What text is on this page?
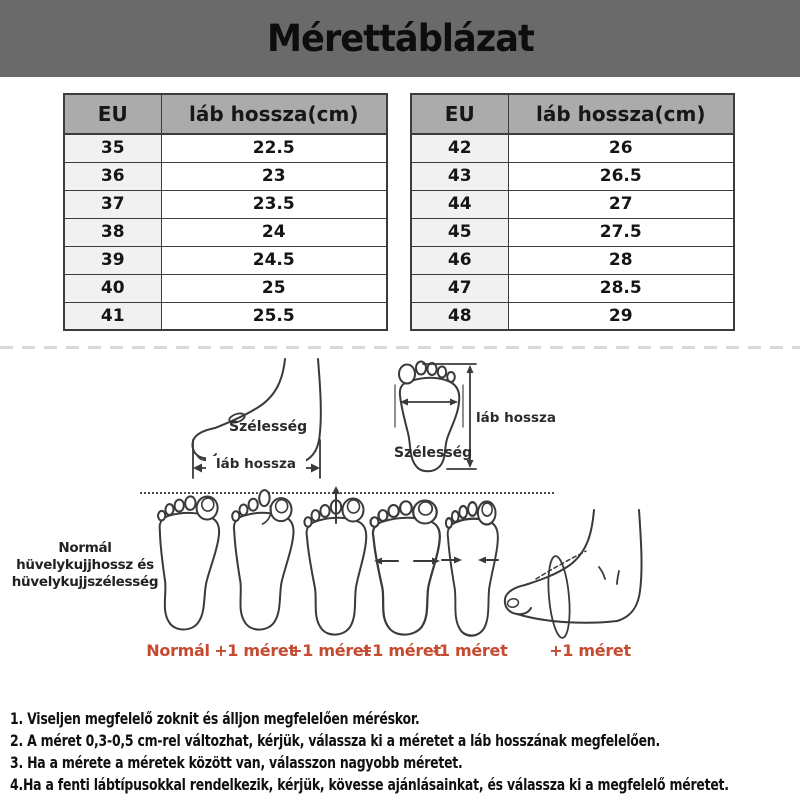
Mérettáblázat
EU	láb hossza(cm)
35	22.5
36	23
37	23.5
38	24
39	24.5
40	25
41	25.5
EU	láb hossza(cm)
42	26
43	26.5
44	27
45	27.5
46	28
47	28.5
48	29
Szélesség
láb hossza
Szélesség
láb hossza
Normál hüvelykujjhossz és hüvelykujjszélesség
Normál +1 méret
+1 méret
+1 méret
-1 méret	+1 méret
1. Viseljen megfelelő zoknit és álljon megfelelően méréskor.
2. A méret 0,3-0,5 cm-rel változhat, kérjük, válassza ki a méretet a láb hosszának megfelelően.
3. Ha a mérete a méretek között van, válasszon nagyobb méretet.
4.Ha a fenti lábtípusokkal rendelkezik, kérjük, kövesse ajánlásainkat, és válassza ki a megfelelő méretet.
